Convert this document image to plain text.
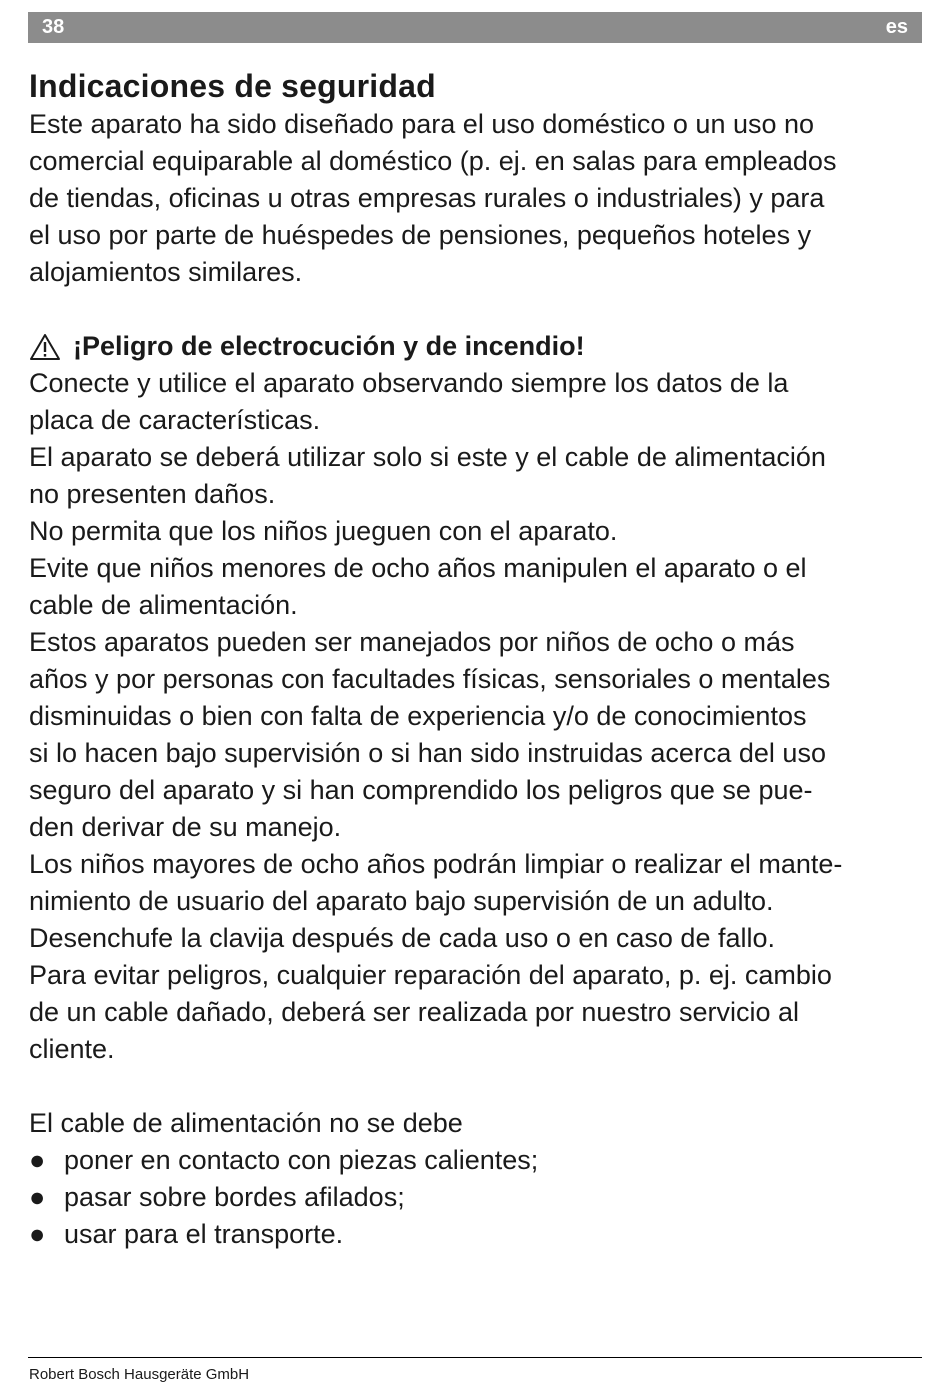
38	es
Indicaciones de seguridad

Este aparato ha sido diseñado para el uso doméstico o un uso no
comercial equiparable al doméstico (p. ej. en salas para empleados
de tiendas, oficinas u otras empresas rurales o industriales) y para
el uso por parte de huéspedes de pensiones, pequeños hoteles y
alojamientos similares.

¡Peligro de electrocución y de incendio!

Conecte y utilice el aparato observando siempre los datos de la
placa de características.
El aparato se deberá utilizar solo si este y el cable de alimentación
no presenten daños.
No permita que los niños jueguen con el aparato.
Evite que niños menores de ocho años manipulen el aparato o el
cable de alimentación.
Estos aparatos pueden ser manejados por niños de ocho o más
años y por personas con facultades físicas, sensoriales o mentales
disminuidas o bien con falta de experiencia y/o de conocimientos
si lo hacen bajo supervisión o si han sido instruidas acerca del uso
seguro del aparato y si han comprendido los peligros que se pue-
den derivar de su manejo.
Los niños mayores de ocho años podrán limpiar o realizar el mante-
nimiento de usuario del aparato bajo supervisión de un adulto.
Desenchufe la clavija después de cada uso o en caso de fallo.
Para evitar peligros, cualquier reparación del aparato, p. ej. cambio
de un cable dañado, deberá ser realizada por nuestro servicio al
cliente.

El cable de alimentación no se debe

● poner en contacto con piezas calientes;
● pasar sobre bordes afilados;
● usar para el transporte.
Robert Bosch Hausgeräte GmbH
